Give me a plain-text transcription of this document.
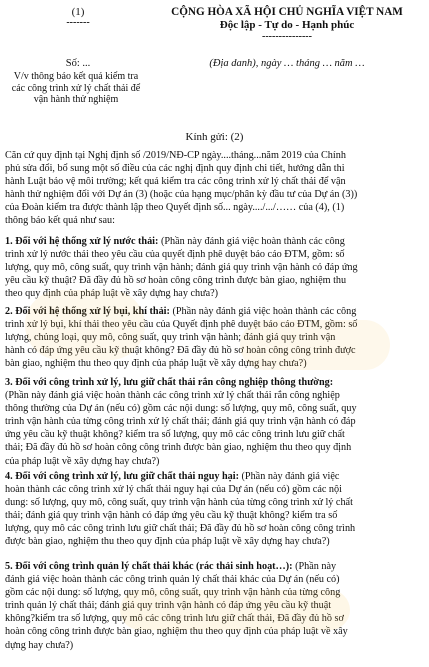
(1)
-------
CỘNG HÒA XÃ HỘI CHỦ NGHĨA VIỆT NAM
Độc lập - Tự do - Hạnh phúc
---------------
Số: ...	(Địa danh), ngày … tháng … năm …
V/v thông báo kết quả kiểm tra
các công trình xử lý chất thải để
vận hành thử nghiệm
Kính gửi: (2)
Căn cứ quy định tại Nghị định số /2019/NĐ-CP ngày....tháng...năm 2019 của Chính
phủ sửa đổi, bổ sung một số điều của các nghị định quy định chi tiết, hướng dẫn thi
hành Luật bảo vệ môi trường; kết quả kiểm tra các công trình xử lý chất thải để vận
hành thử nghiệm đối với Dự án (3) (hoặc của hạng mục/phân kỳ đầu tư của Dự án (3))
của Đoàn kiểm tra được thành lập theo Quyết định số... ngày..../.../…… của (4), (1)
thông báo kết quả như sau:
1. Đối với hệ thống xử lý nước thải: (Phần này đánh giá việc hoàn thành các công
trình xử lý nước thải theo yêu cầu của quyết định phê duyệt báo cáo ĐTM, gồm: số
lượng, quy mô, công suất, quy trình vận hành; đánh giá quy trình vận hành có đáp ứng
yêu cầu kỹ thuật? Đã đầy đủ hồ sơ hoàn công công trình được bàn giao, nghiệm thu
theo quy định của pháp luật về xây dựng hay chưa?)
2. Đối với hệ thống xử lý bụi, khí thải: (Phần này đánh giá việc hoàn thành các công
trình xử lý bụi, khí thải theo yêu cầu của Quyết định phê duyệt báo cáo ĐTM, gồm: số
lượng, chủng loại, quy mô, công suất, quy trình vận hành; đánh giá quy trình vận
hành có đáp ứng yêu cầu kỹ thuật không? Đã đầy đủ hồ sơ hoàn công công trình được
bàn giao, nghiệm thu theo quy định của pháp luật về xây dựng hay chưa?)
3. Đối với công trình xử lý, lưu giữ chất thải rắn công nghiệp thông thường:
(Phần này đánh giá việc hoàn thành các công trình xử lý chất thải rắn công nghiệp
thông thường của Dự án (nếu có) gồm các nội dung: số lượng, quy mô, công suất, quy
trình vận hành của từng công trình xử lý chất thải; đánh giá quy trình vận hành có đáp
ứng yêu cầu kỹ thuật không? kiểm tra số lượng, quy mô các công trình lưu giữ chất
thải; Đã đầy đủ hồ sơ hoàn công công trình được bàn giao, nghiệm thu theo quy định
của pháp luật về xây dựng hay chưa?)
4. Đối với công trình xử lý, lưu giữ chất thải nguy hại: (Phần này đánh giá việc
hoàn thành các công trình xử lý chất thải nguy hại của Dự án (nếu có) gồm các nội
dung: số lượng, quy mô, công suất, quy trình vận hành của từng công trình xử lý chất
thải; đánh giá quy trình vận hành có đáp ứng yêu cầu kỹ thuật không? kiểm tra số
lượng, quy mô các công trình lưu giữ chất thải; Đã đầy đủ hồ sơ hoàn công công trình
được bàn giao, nghiệm thu theo quy định của pháp luật về xây dựng hay chưa?)
5. Đối với công trình quản lý chất thải khác (rác thải sinh hoạt…): (Phần này
đánh giá việc hoàn thành các công trình quản lý chất thải khác của Dự án (nếu có)
gồm các nội dung: số lượng, quy mô, công suất, quy trình vận hành của từng công
trình quản lý chất thải; đánh giá quy trình vận hành có đáp ứng yêu cầu kỹ thuật
không?kiểm tra số lượng, quy mô các công trình lưu giữ chất thải, Đã đầy đủ hồ sơ
hoàn công công trình được bàn giao, nghiệm thu theo quy định của pháp luật về xây
dựng hay chưa?)
